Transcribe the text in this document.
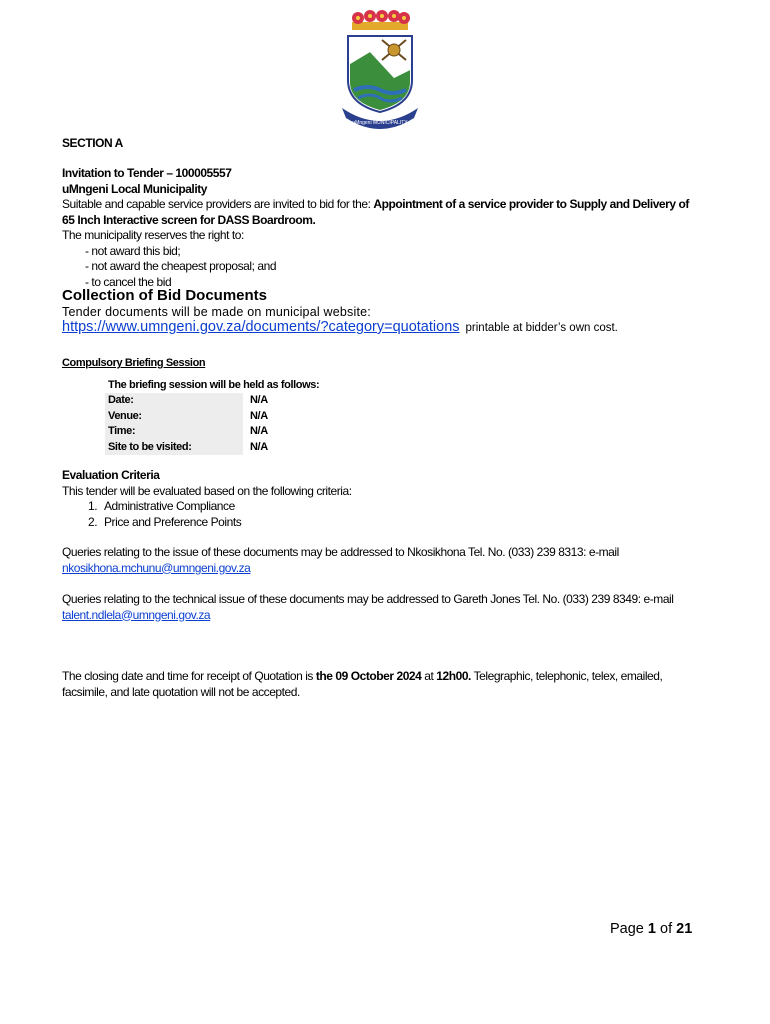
uMngeni MUNICIPALITY
SECTION A
Invitation to Tender – 100005557
uMngeni Local Municipality
Suitable and capable service providers are invited to bid for the: Appointment of a service provider to Supply and Delivery of 65 Inch Interactive screen for DASS Boardroom.
The municipality reserves the right to:
- not award this bid;
- not award the cheapest proposal; and
- to cancel the bid
Collection of Bid Documents
Tender documents will be made on municipal website:
https://www.umngeni.gov.za/documents/?category=quotations printable at bidder’s own cost.
Compulsory Briefing Session
The briefing session will be held as follows:
Date:	N/A
Venue:	N/A
Time:	N/A
Site to be visited:	N/A
Evaluation Criteria
This tender will be evaluated based on the following criteria:
1. Administrative Compliance
2. Price and Preference Points
Queries relating to the issue of these documents may be addressed to Nkosikhona Tel. No. (033) 239 8313: e-mail
nkosikhona.mchunu@umngeni.gov.za
Queries relating to the technical issue of these documents may be addressed to Gareth Jones Tel. No. (033) 239 8349: e-mail talent.ndlela@umngeni.gov.za
The closing date and time for receipt of Quotation is the 09 October 2024 at 12h00. Telegraphic, telephonic, telex, emailed, facsimile, and late quotation will not be accepted.
Page 1 of 21
